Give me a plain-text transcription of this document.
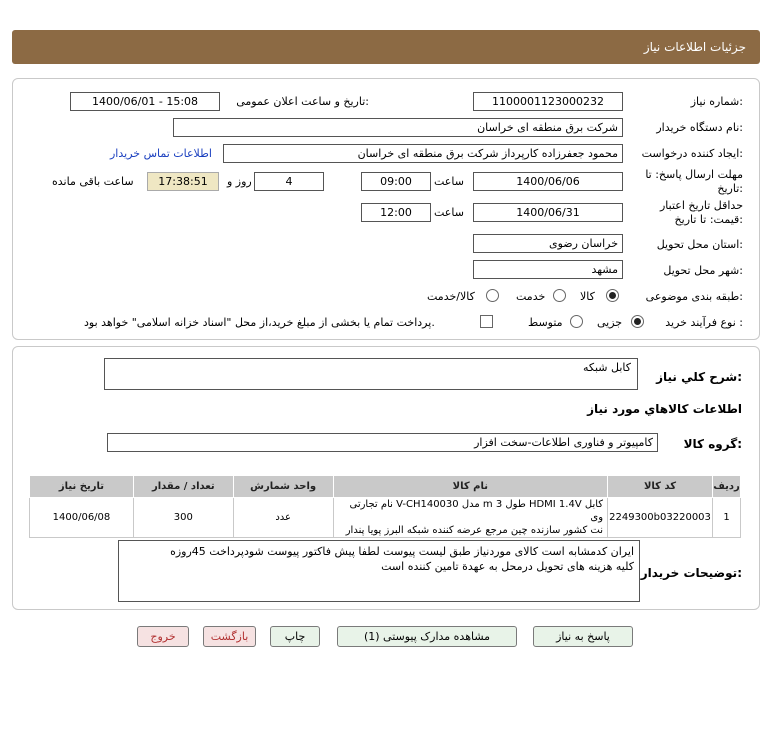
جزئیات اطلاعات نیاز
شماره نیاز:
1100001123000232
تاریخ و ساعت اعلان عمومی:
1400/06/01 - 15:08
نام دستگاه خریدار:
شرکت برق منطقه ای خراسان
ایجاد کننده درخواست:
محمود جعفرزاده کارپرداز شرکت برق منطقه ای خراسان
اطلاعات تماس خریدار
مهلت ارسال پاسخ: تا
تاریخ:
1400/06/06
ساعت
09:00
4
روز و
17:38:51
ساعت باقی مانده
حداقل تاریخ اعتبار
قیمت: تا تاریخ:
1400/06/31
ساعت
12:00
استان محل تحویل:
خراسان رضوی
شهر محل تحویل:
مشهد
طبقه بندی موضوعی:
کالا
خدمت
کالا/خدمت
نوع فرآیند خرید :
جزیی
متوسط
پرداخت تمام یا بخشی از مبلغ خرید،از محل "اسناد خزانه اسلامی" خواهد بود.
شرح کلي نیاز:
کابل شبکه
اطلاعات کالاهاي مورد نیاز
گروه کالا:
کامپیوتر و فناوری اطلاعات-سخت افزار
ردیف	کد کالا	نام کالا	واحد شمارش	تعداد / مقدار	تاریخ نیاز
1	2249300b03220003	کابل HDMI 1.4V طول 3 m مدل V-CH140030 نام تجارتی وی
نت کشور سازنده چین مرجع عرضه کننده شبکه البرز پویا پندار	عدد	300	1400/06/08
توضیحات خریدار:
ایران کدمشابه است کالای موردنیاز طبق لیست پیوست لطفا پیش فاکتور پیوست شودپرداخت 45روزه
کلیه هزینه های تحویل درمحل به عهدة تامین کننده است
پاسخ به نیاز
مشاهده مدارک پیوستی (1)
چاپ
بازگشت
خروج
